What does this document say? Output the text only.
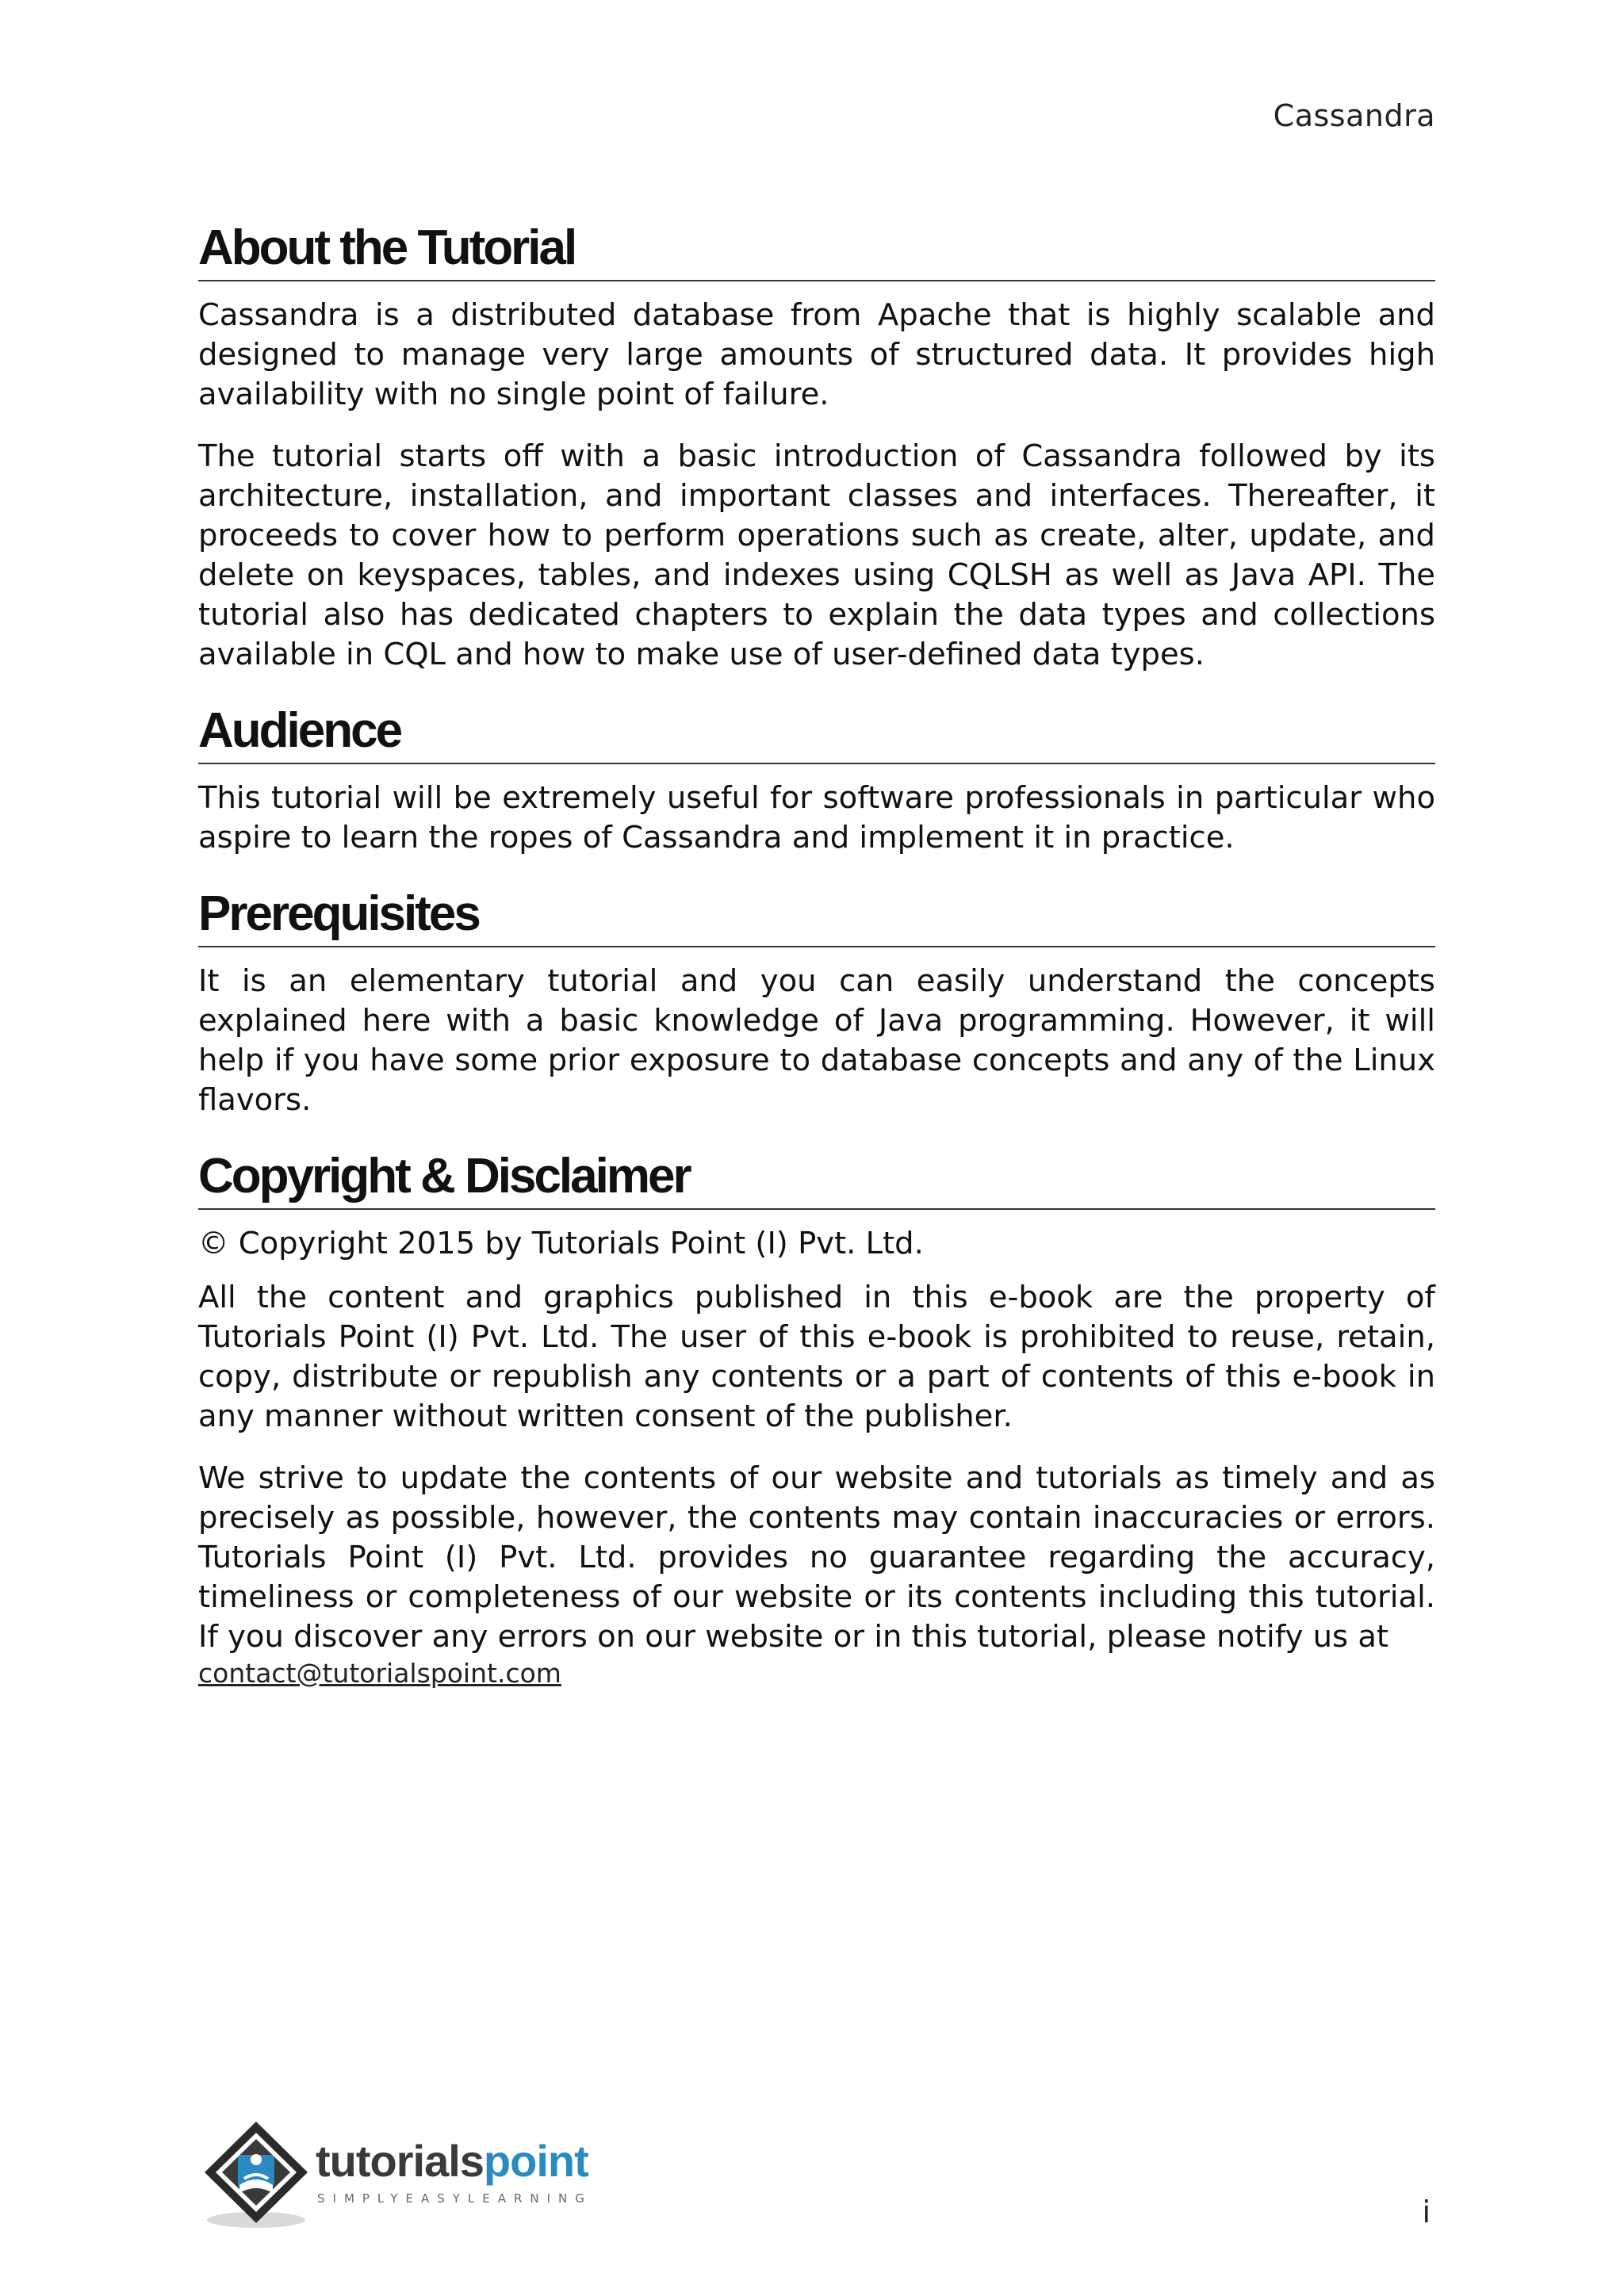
Cassandra
About the Tutorial

Cassandra is a distributed database from Apache that is highly scalable and designed to manage very large amounts of structured data. It provides high availability with no single point of failure.

The tutorial starts off with a basic introduction of Cassandra followed by its architecture, installation, and important classes and interfaces. Thereafter, it proceeds to cover how to perform operations such as create, alter, update, and delete on keyspaces, tables, and indexes using CQLSH as well as Java API. The tutorial also has dedicated chapters to explain the data types and collections available in CQL and how to make use of user-defined data types.

Audience

This tutorial will be extremely useful for software professionals in particular who aspire to learn the ropes of Cassandra and implement it in practice.

Prerequisites

It is an elementary tutorial and you can easily understand the concepts explained here with a basic knowledge of Java programming. However, it will help if you have some prior exposure to database concepts and any of the Linux flavors.

Copyright & Disclaimer
© Copyright 2015 by Tutorials Point (I) Pvt. Ltd.

All the content and graphics published in this e-book are the property of Tutorials Point (I) Pvt. Ltd. The user of this e-book is prohibited to reuse, retain, copy, distribute or republish any contents or a part of contents of this e-book in any manner without written consent of the publisher.

We strive to update the contents of our website and tutorials as timely and as precisely as possible, however, the contents may contain inaccuracies or errors. Tutorials Point (I) Pvt. Ltd. provides no guarantee regarding the accuracy, timeliness or completeness of our website or its contents including this tutorial. If you discover any errors on our website or in this tutorial, please notify us at

contact@tutorialspoint.com
tutorialspoint
SIMPLYEASYLEARNING	i
